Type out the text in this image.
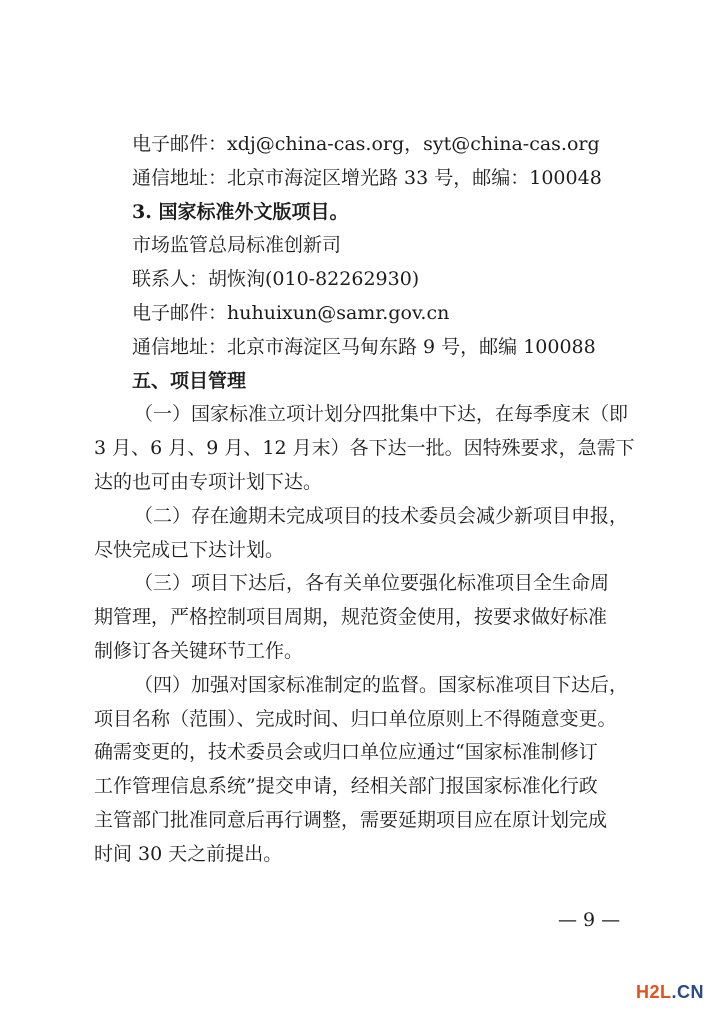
电子邮件：xdj@china-cas.org，syt@china-cas.org
通信地址：北京市海淀区增光路 33 号，邮编：100048
3. 国家标准外文版项目。
市场监管总局标准创新司
联系人：胡恢洵(010-82262930)
电子邮件：huhuixun@samr.gov.cn
通信地址：北京市海淀区马甸东路 9 号，邮编 100088
五、项目管理
（一）国家标准立项计划分四批集中下达，在每季度末（即
3 月、6 月、9 月、12 月末）各下达一批。因特殊要求，急需下
达的也可由专项计划下达。
（二）存在逾期未完成项目的技术委员会减少新项目申报，
尽快完成已下达计划。
（三）项目下达后，各有关单位要强化标准项目全生命周
期管理，严格控制项目周期，规范资金使用，按要求做好标准
制修订各关键环节工作。
（四）加强对国家标准制定的监督。国家标准项目下达后，
项目名称（范围）、完成时间、归口单位原则上不得随意变更。
确需变更的，技术委员会或归口单位应通过“国家标准制修订
工作管理信息系统”提交申请，经相关部门报国家标准化行政
主管部门批准同意后再行调整，需要延期项目应在原计划完成
时间 30 天之前提出。
— 9 —
H2L.CN
